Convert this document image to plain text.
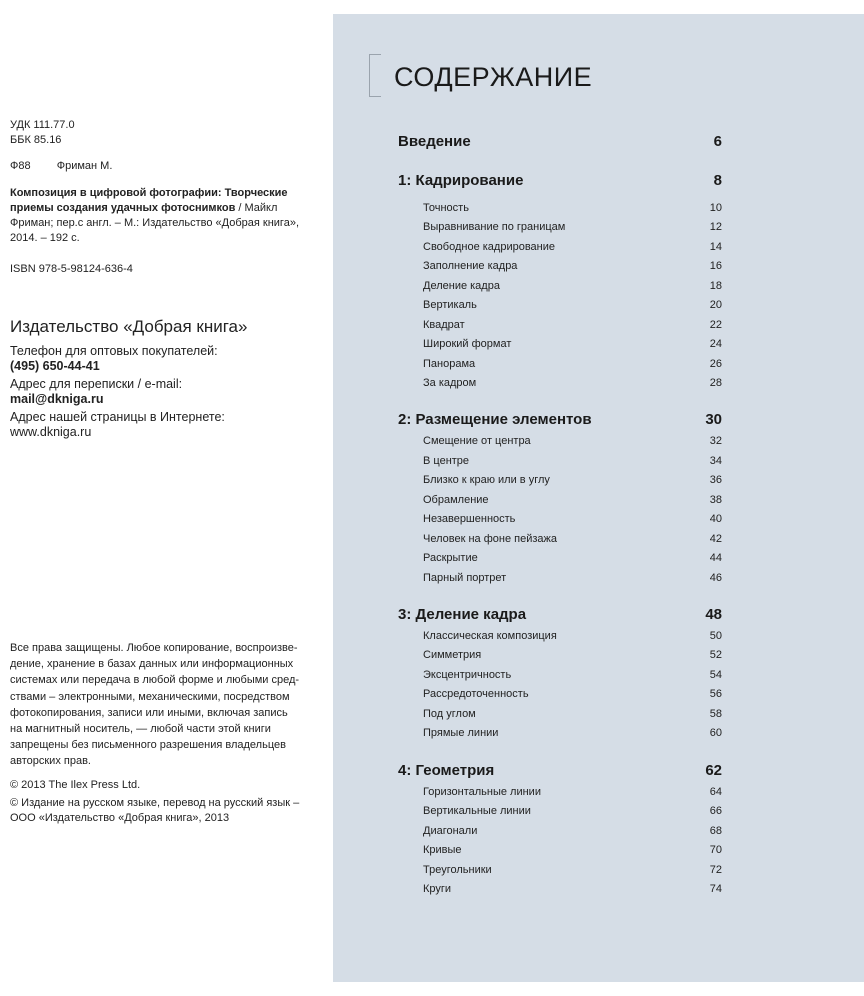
УДК 111.77.0
ББК 85.16
Ф88 Фриман М.
Композиция в цифровой фотографии: Творческие
приемы создания удачных фотоснимков / Майкл
Фриман; пер.с англ. – М.: Издательство «Добрая книга»,
2014. – 192 с.
ISBN 978-5-98124-636-4
Издательство «Добрая книга»
Телефон для оптовых покупателей:
(495) 650-44-41
Адрес для переписки / e-mail:
mail@dkniga.ru
Адрес нашей страницы в Интернете:
www.dkniga.ru
Все права защищены. Любое копирование, воспроизве-
дение, хранение в базах данных или информационных
системах или передача в любой форме и любыми сред-
ствами – электронными, механическими, посредством
фотокопирования, записи или иными, включая запись
на магнитный носитель, — любой части этой книги
запрещены без письменного разрешения владельцев
авторских прав.
© 2013 The Ilex Press Ltd.
© Издание на русском языке, перевод на русский язык –
ООО «Издательство «Добрая книга», 2013
СОДЕРЖАНИЕ
Введение	6
1: Кадрирование	8
Точность	10
Выравнивание по границам	12
Свободное кадрирование	14
Заполнение кадра	16
Деление кадра	18
Вертикаль	20
Квадрат	22
Широкий формат	24
Панорама	26
За кадром	28
2: Размещение элементов	30
Смещение от центра	32
В центре	34
Близко к краю или в углу	36
Обрамление	38
Незавершенность	40
Человек на фоне пейзажа	42
Раскрытие	44
Парный портрет	46
3: Деление кадра	48
Классическая композиция	50
Симметрия	52
Эксцентричность	54
Рассредоточенность	56
Под углом	58
Прямые линии	60
4: Геометрия	62
Горизонтальные линии	64
Вертикальные линии	66
Диагонали	68
Кривые	70
Треугольники	72
Круги	74
